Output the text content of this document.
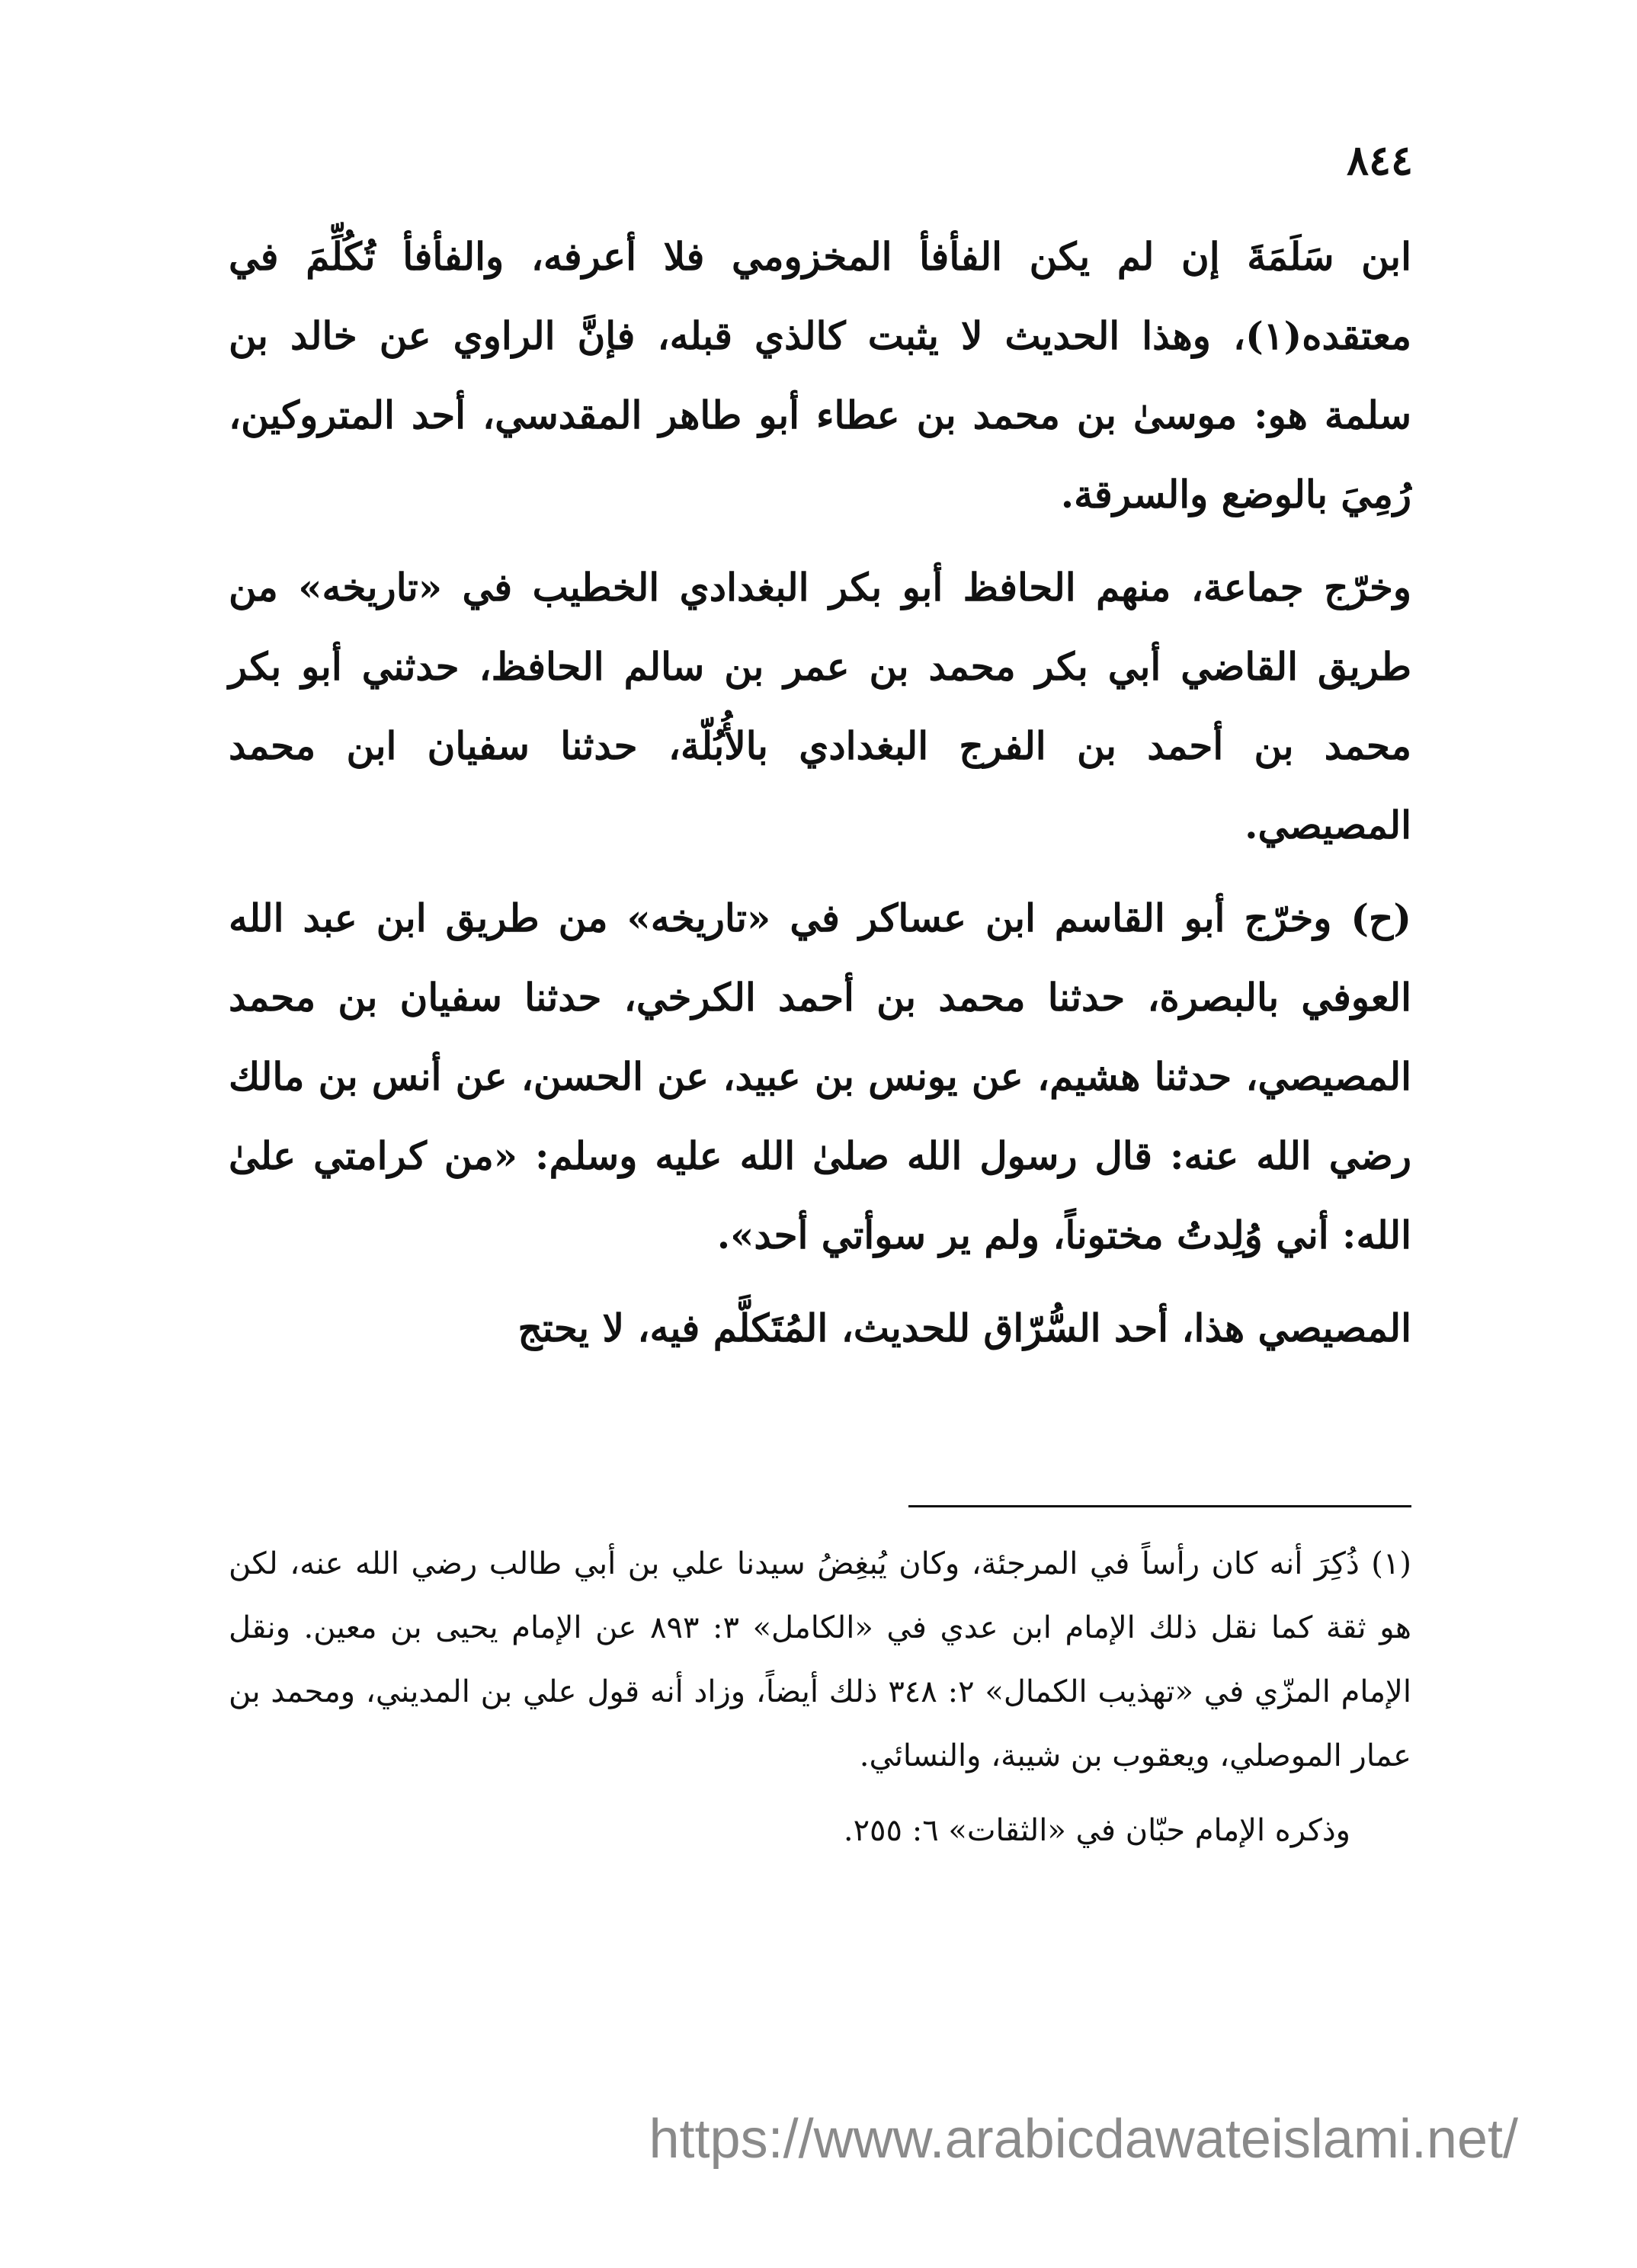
٨٤٤

ابن سَلَمَةَ إن لم يكن الفأفأ المخزومي فلا أعرفه، والفأفأ تُكُلِّمَ في معتقده(١)، وهذا الحديث لا يثبت كالذي قبله، فإنَّ الراوي عن خالد بن سلمة هو: موسىٰ بن محمد بن عطاء أبو طاهر المقدسي، أحد المتروكين، رُمِيَ بالوضع والسرقة.

وخرّج جماعة، منهم الحافظ أبو بكر البغدادي الخطيب في «تاريخه» من طريق القاضي أبي بكر محمد بن عمر بن سالم الحافظ، حدثني أبو بكر محمد بن أحمد بن الفرج البغدادي بالأُبُلّة، حدثنا سفيان ابن محمد المصيصي.

(ح) وخرّج أبو القاسم ابن عساكر في «تاريخه» من طريق ابن عبد الله العوفي بالبصرة، حدثنا محمد بن أحمد الكرخي، حدثنا سفيان بن محمد المصيصي، حدثنا هشيم، عن يونس بن عبيد، عن الحسن، عن أنس بن مالك رضي الله عنه: قال رسول الله صلىٰ الله عليه وسلم: «من كرامتي علىٰ الله: أني وُلِدتُ مختوناً، ولم ير سوأتي أحد».

المصيصي هذا، أحد السُّرّاق للحديث، المُتَكلَّم فيه، لا يحتج

(١) ذُكِرَ أنه كان رأساً في المرجئة، وكان يُبغِضُ سيدنا علي بن أبي طالب رضي الله عنه، لكن هو ثقة كما نقل ذلك الإمام ابن عدي في «الكامل» ٣: ٨٩٣ عن الإمام يحيى بن معين. ونقل الإمام المزّي في «تهذيب الكمال» ٢: ٣٤٨ ذلك أيضاً، وزاد أنه قول علي بن المديني، ومحمد بن عمار الموصلي، ويعقوب بن شيبة، والنسائي.

وذكره الإمام حبّان في «الثقات» ٦: ٢٥٥.

https://www.arabicdawateislami.net/
